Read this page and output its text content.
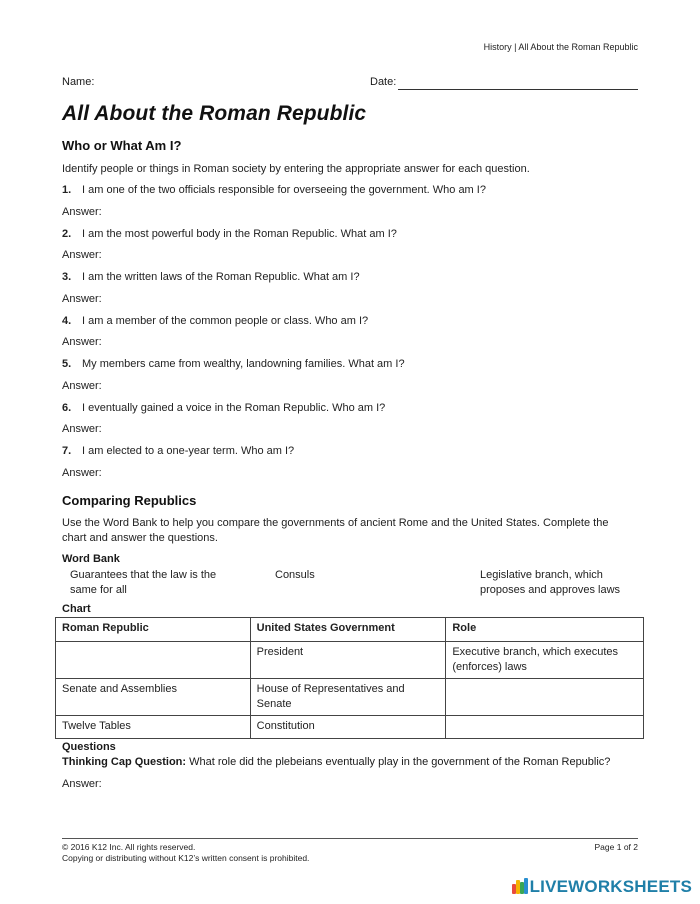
History | All About the Roman Republic
Name:	Date:
All About the Roman Republic
Who or What Am I?
Identify people or things in Roman society by entering the appropriate answer for each question.
1. I am one of the two officials responsible for overseeing the government. Who am I?
Answer:
2. I am the most powerful body in the Roman Republic. What am I?
Answer:
3. I am the written laws of the Roman Republic. What am I?
Answer:
4. I am a member of the common people or class. Who am I?
Answer:
5. My members came from wealthy, landowning families. What am I?
Answer:
6. I eventually gained a voice in the Roman Republic. Who am I?
Answer:
7. I am elected to a one-year term. Who am I?
Answer:
Comparing Republics
Use the Word Bank to help you compare the governments of ancient Rome and the United States. Complete the
chart and answer the questions.
Word Bank
Guarantees that the law is the
same for all
Consuls	Legislative branch, which
proposes and approves laws
Chart
Roman Republic	United States Government	Role
	President	Executive branch, which executes (enforces) laws
Senate and Assemblies	House of Representatives and Senate	
Twelve Tables	Constitution	
Questions
Thinking Cap Question: What role did the plebeians eventually play in the government of the Roman Republic?
Answer:
© 2016 K12 Inc. All rights reserved.
Copying or distributing without K12’s written consent is prohibited.
Page 1 of 2
LIVEWORKSHEETS
